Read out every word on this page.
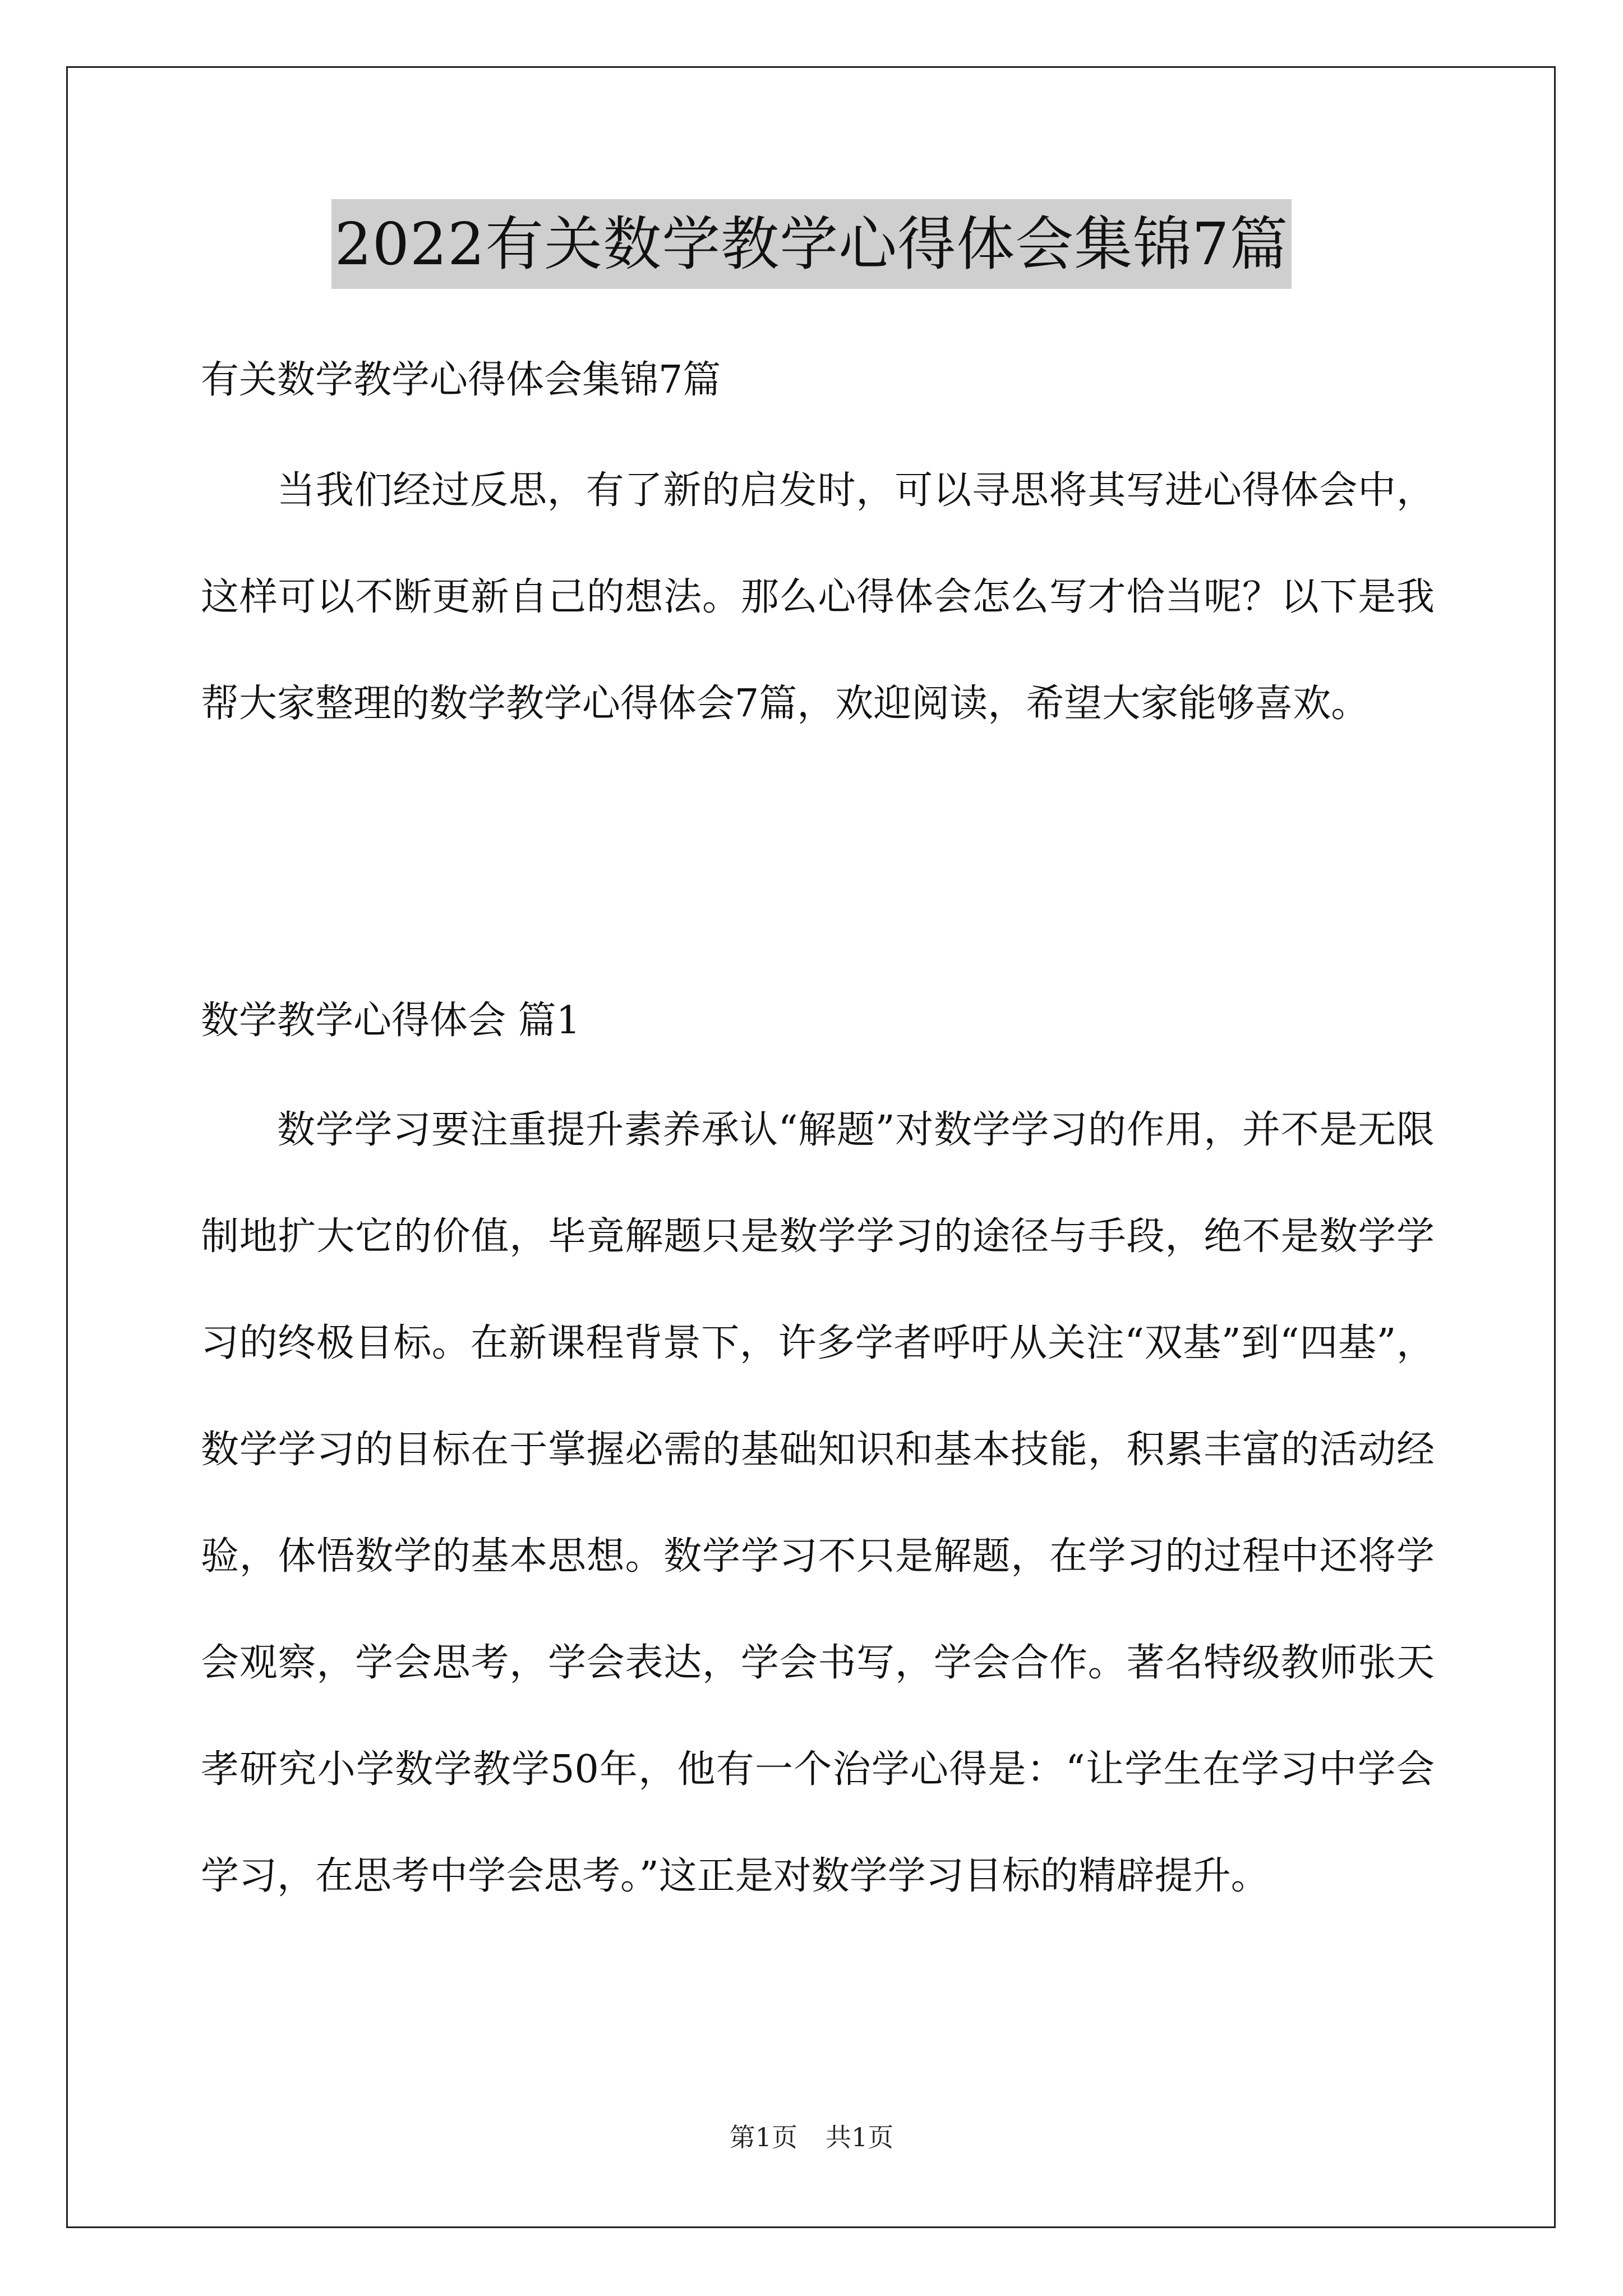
2022有关数学教学心得体会集锦7篇
有关数学教学心得体会集锦7篇

当我们经过反思，有了新的启发时，可以寻思将其写进心得体会中，这样可以不断更新自己的想法。那么心得体会怎么写才恰当呢？以下是我帮大家整理的数学教学心得体会7篇，欢迎阅读，希望大家能够喜欢。

数学教学心得体会 篇1

数学学习要注重提升素养承认“解题”对数学学习的作用，并不是无限制地扩大它的价值，毕竟解题只是数学学习的途径与手段，绝不是数学学习的终极目标。在新课程背景下，许多学者呼吁从关注“双基”到“四基”，数学学习的目标在于掌握必需的基础知识和基本技能，积累丰富的活动经验，体悟数学的基本思想。数学学习不只是解题，在学习的过程中还将学会观察，学会思考，学会表达，学会书写，学会合作。著名特级教师张天孝研究小学数学教学50年，他有一个治学心得是：“让学生在学习中学会学习，在思考中学会思考。”这正是对数学学习目标的精辟提升。

第1页 共1页
